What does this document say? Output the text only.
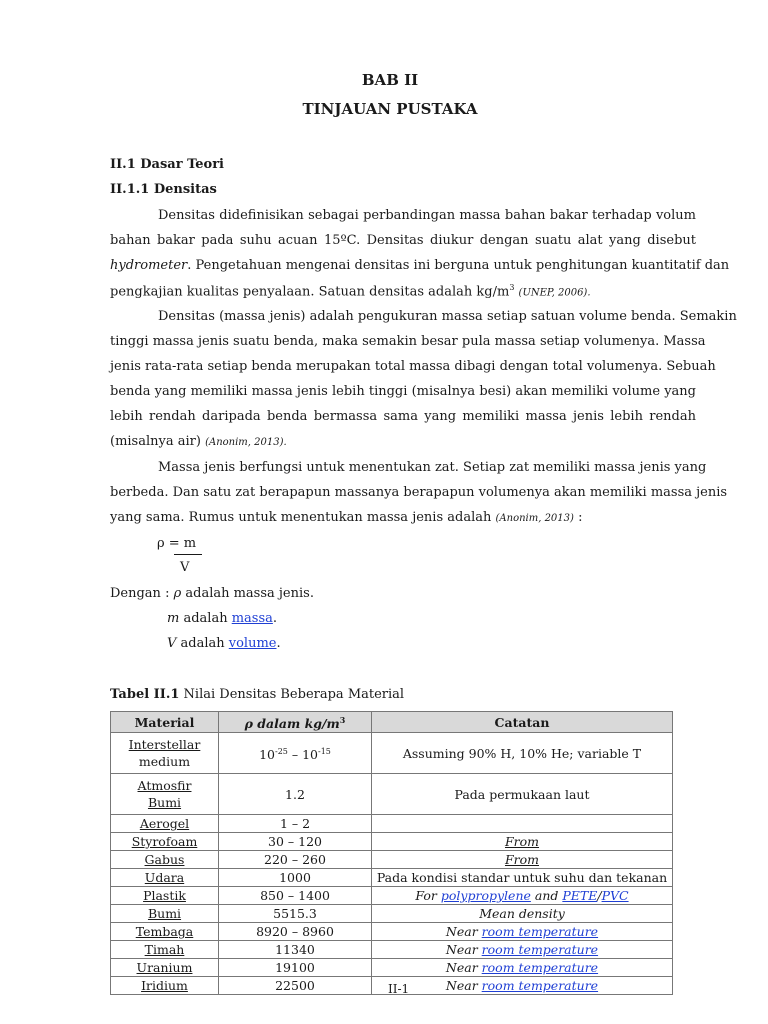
BAB II
TINJAUAN PUSTAKA
II.1 Dasar Teori
II.1.1 Densitas
Densitas didefinisikan sebagai perbandingan massa bahan bakar terhadap volum
bahan bakar pada suhu acuan 15ºC. Densitas diukur dengan suatu alat yang disebut
hydrometer. Pengetahuan mengenai densitas ini berguna untuk penghitungan kuantitatif dan
pengkajian kualitas penyalaan. Satuan densitas adalah $kg/m^3$ (UNEP, 2006).
Densitas (massa jenis) adalah pengukuran massa setiap satuan volume benda. Semakin
tinggi massa jenis suatu benda, maka semakin besar pula massa setiap volumenya. Massa
jenis rata-rata setiap benda merupakan total massa dibagi dengan total volumenya. Sebuah
benda yang memiliki massa jenis lebih tinggi (misalnya besi) akan memiliki volume yang
lebih rendah daripada benda bermassa sama yang memiliki massa jenis lebih rendah
(misalnya air) (Anonim, 2013).
Massa jenis berfungsi untuk menentukan zat. Setiap zat memiliki massa jenis yang
berbeda. Dan satu zat berapapun massanya berapapun volumenya akan memiliki massa jenis
yang sama. Rumus untuk menentukan massa jenis adalah (Anonim, 2013) :
ρ = m
V
Dengan : ρ adalah massa jenis.
m adalah massa.
V adalah volume.
Tabel II.1 Nilai Densitas Beberapa Material
Material	ρ dalam $kg/m^3$	Catatan
Interstellar
medium	$10^{-25} - 10^{-15}$	Assuming 90% H, 10% He; variable T
Atmosfir
Bumi	1.2	Pada permukaan laut
Aerogel	1 – 2	
Styrofoam	30 – 120	From
Gabus	220 – 260	From
Udara	1000	Pada kondisi standar untuk suhu dan tekanan
Plastik	850 – 1400	For polypropylene and PETE/PVC
Bumi	5515.3	Mean density
Tembaga	8920 – 8960	Near room temperature
Timah	11340	Near room temperature
Uranium	19100	Near room temperature
Iridium	22500	Near room temperature
II-1
